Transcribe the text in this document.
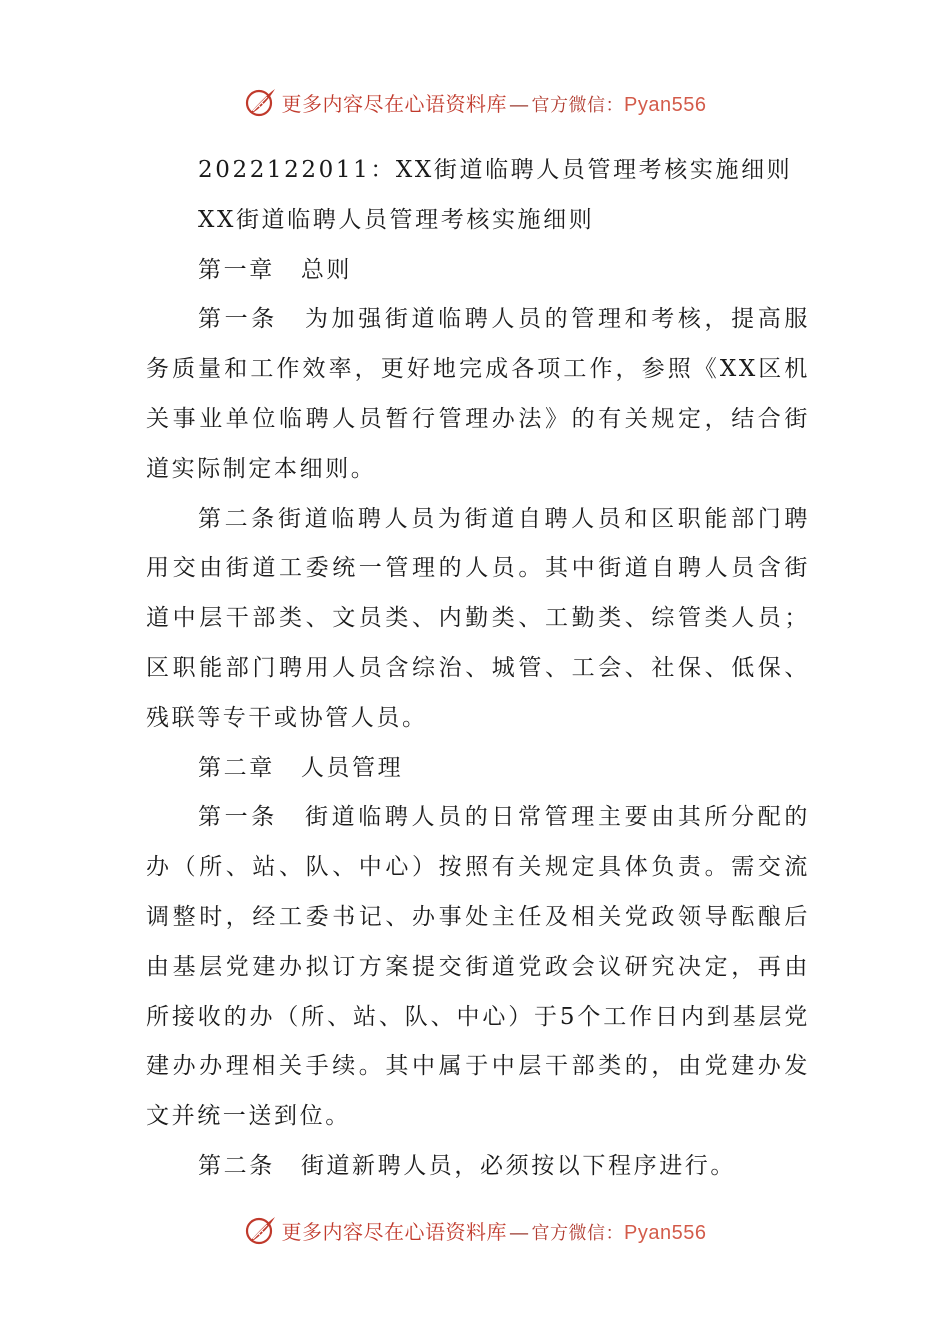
更多内容尽在心语资料库 — 官方微信：Pyan556

2022122011：XX街道临聘人员管理考核实施细则

XX街道临聘人员管理考核实施细则

第一章 总则

第一条 为加强街道临聘人员的管理和考核，提高服务质量和工作效率，更好地完成各项工作，参照《XX区机关事业单位临聘人员暂行管理办法》的有关规定，结合街道实际制定本细则。

第二条街道临聘人员为街道自聘人员和区职能部门聘用交由街道工委统一管理的人员。其中街道自聘人员含街道中层干部类、文员类、内勤类、工勤类、综管类人员；区职能部门聘用人员含综治、城管、工会、社保、低保、残联等专干或协管人员。

第二章 人员管理

第一条 街道临聘人员的日常管理主要由其所分配的办（所、站、队、中心）按照有关规定具体负责。需交流调整时，经工委书记、办事处主任及相关党政领导酝酿后由基层党建办拟订方案提交街道党政会议研究决定，再由所接收的办（所、站、队、中心）于5个工作日内到基层党建办办理相关手续。其中属于中层干部类的，由党建办发文并统一送到位。

第二条 街道新聘人员，必须按以下程序进行。

更多内容尽在心语资料库 — 官方微信：Pyan556
